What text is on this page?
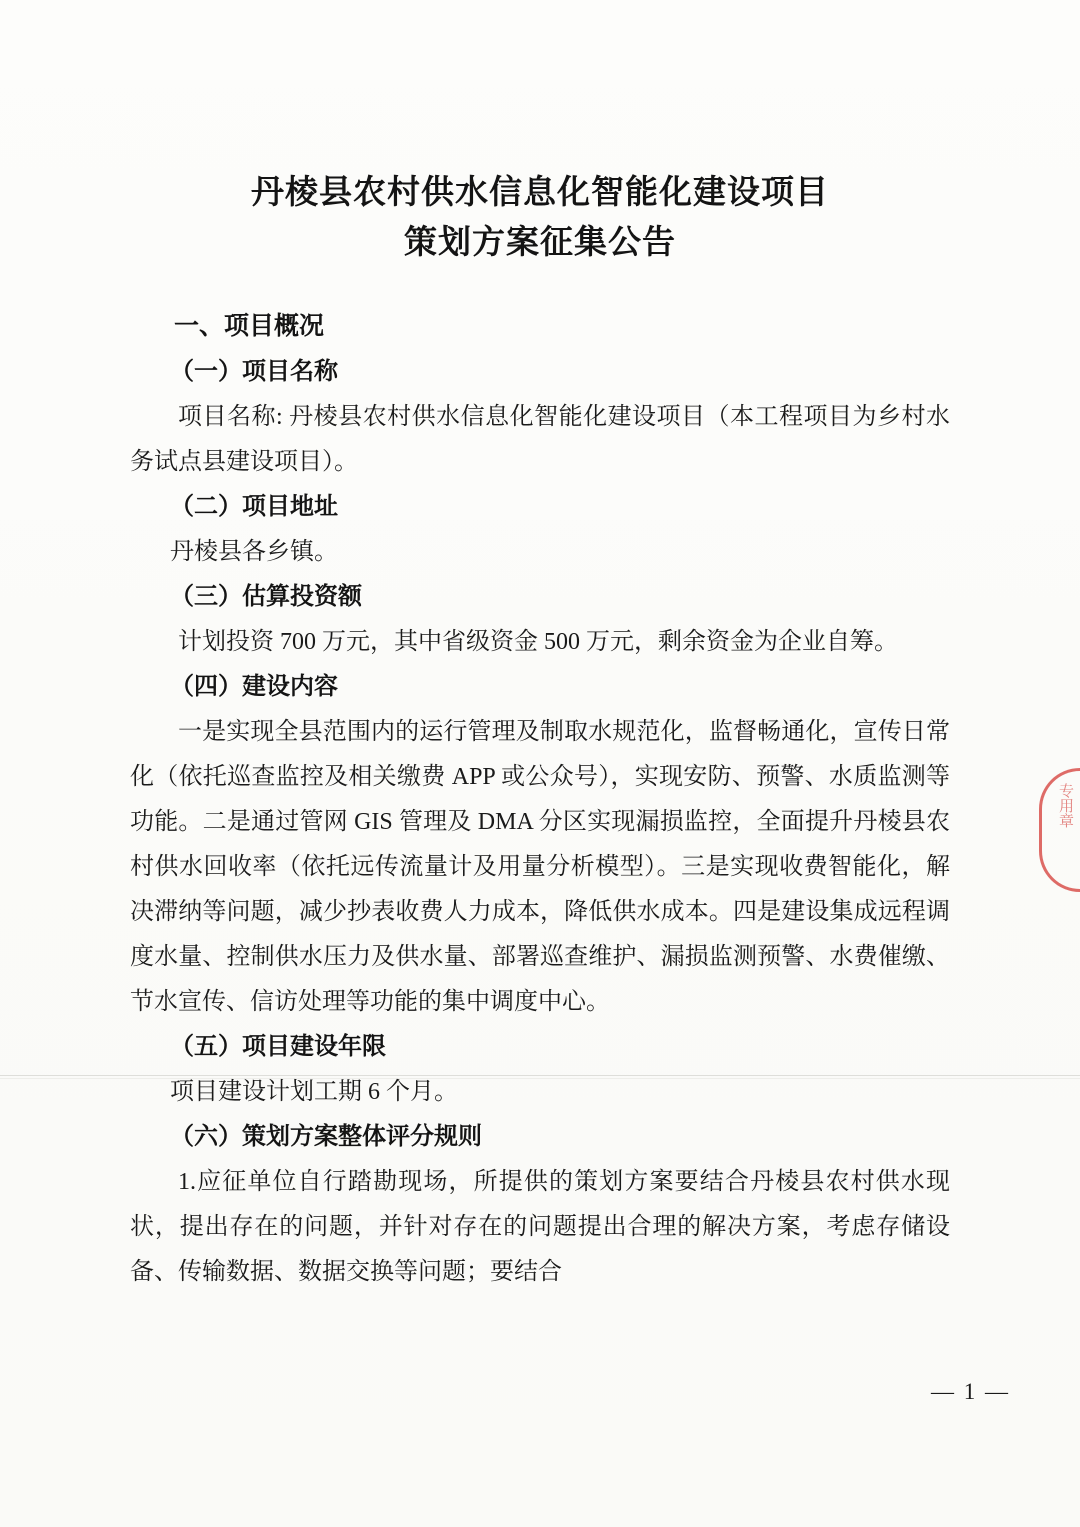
丹棱县农村供水信息化智能化建设项目
策划方案征集公告
一、项目概况
（一）项目名称

项目名称: 丹棱县农村供水信息化智能化建设项目（本工程项目为乡村水务试点县建设项目）。

（二）项目地址

丹棱县各乡镇。

（三）估算投资额

计划投资 700 万元，其中省级资金 500 万元，剩余资金为企业自筹。

（四）建设内容

一是实现全县范围内的运行管理及制取水规范化，监督畅通化，宣传日常化（依托巡查监控及相关缴费 APP 或公众号），实现安防、预警、水质监测等功能。二是通过管网 GIS 管理及 DMA 分区实现漏损监控，全面提升丹棱县农村供水回收率（依托远传流量计及用量分析模型）。三是实现收费智能化，解决滞纳等问题，减少抄表收费人力成本，降低供水成本。四是建设集成远程调度水量、控制供水压力及供水量、部署巡查维护、漏损监测预警、水费催缴、节水宣传、信访处理等功能的集中调度中心。

（五）项目建设年限

项目建设计划工期 6 个月。

（六）策划方案整体评分规则

1.应征单位自行踏勘现场，所提供的策划方案要结合丹棱县农村供水现状，提出存在的问题，并针对存在的问题提出合理的解决方案，考虑存储设备、传输数据、数据交换等问题；要结合

专用章
— 1 —
